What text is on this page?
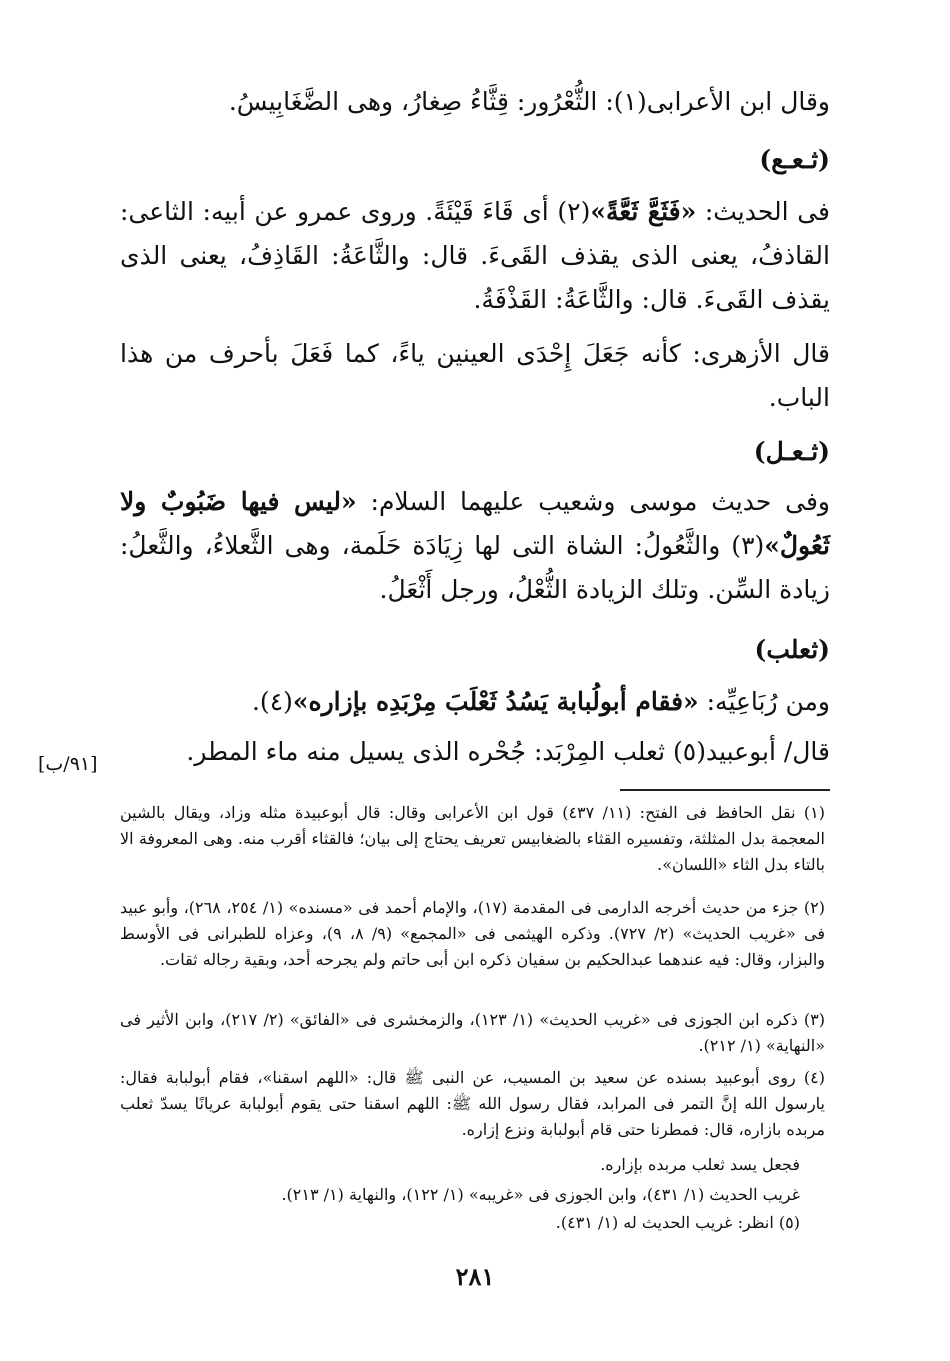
وقال ابن الأعرابى(١): الثُّعْرُور: قِثَّاءُ صِغارُ، وهى الضَّغَابِيسُ.

(ثـعـع)

فى الحديث: «فَثَعَّ ثَعَّةً»(٢) أى قَاءَ قَيْئَةً. وروى عمرو عن أبيه: الثاعى: القاذفُ، يعنى الذى يقذف القَىءَ. قال: والثَّاعَةُ: القَاذِفُ، يعنى الذى يقذف القَىءَ. قال: والثَّاعَةُ: القَذْفَةُ.

قال الأزهرى: كأنه جَعَلَ إِحْدَى العينين ياءً، كما فَعَلَ بأحرف من هذا الباب.

(ثـعـل)

وفى حديث موسى وشعيب عليهما السلام: «ليس فيها ضَبُوبٌ ولا ثَعُولٌ»(٣) والثَّعُولُ: الشاة التى لها زِيَادَة حَلَمة، وهى الثَّعلاءُ، والثَّعلُ: زيادة السِّن. وتلك الزيادة الثُّعْلُ، ورجل أَثْعَلُ.

(ثعلب)

ومن رُبَاعِيِّه: «فقام أبولُبابة يَسُدُ ثَعْلَبَ مِرْبَدِه بإزاره»(٤).

قال/ أبوعبيد(٥) ثعلب المِرْبَد: جُحْره الذى يسيل منه ماء المطر.

[٩١/ب]

(١) نقل الحافظ فى الفتح: (١١/ ٤٣٧) قول ابن الأعرابى وقال: قال أبوعبيدة مثله وزاد، ويقال بالشين المعجمة بدل المثلثة، وتفسيره القثاء بالضغابيس تعريف يحتاج إلى بيان؛ فالقثاء أقرب منه. وهى المعروفة الا بالتاء بدل الثاء «اللسان».

(٢) جزء من حديث أخرجه الدارمى فى المقدمة (١٧)، والإمام أحمد فى «مسنده» (١/ ٢٥٤، ٢٦٨)، وأبو عبيد فى «غريب الحديث» (٢/ ٧٢٧). وذكره الهيثمى فى «المجمع» (٩/ ٨، ٩)، وعزاه للطبرانى فى الأوسط والبزار، وقال: فيه عندهما عبدالحكيم بن سفيان ذكره ابن أبى حاتم ولم يجرحه أحد، وبقية رجاله ثقات.

(٣) ذكره ابن الجوزى فى «غريب الحديث» (١/ ١٢٣)، والزمخشرى فى «الفائق» (٢/ ٢١٧)، وابن الأثير فى «النهاية» (١/ ٢١٢).

(٤) روى أبوعبيد بسنده عن سعيد بن المسيب، عن النبى ﷺ قال: «اللهم اسقنا»، فقام أبولبابة فقال: يارسول الله إنَّ التمر فى المرابد، فقال رسول الله ﷺ: اللهم اسقنا حتى يقوم أبولبابة عريانًا يسدّ ثعلب مربده بازاره، قال: فمطرنا حتى قام أبولبابة ونزع إزاره.

فجعل يسد ثعلب مربده بإزاره.

غريب الحديث (١/ ٤٣١)، وابن الجوزى فى «غريبه» (١/ ١٢٢)، والنهاية (١/ ٢١٣).

(٥) انظر: غريب الحديث له (١/ ٤٣١).

٢٨١
